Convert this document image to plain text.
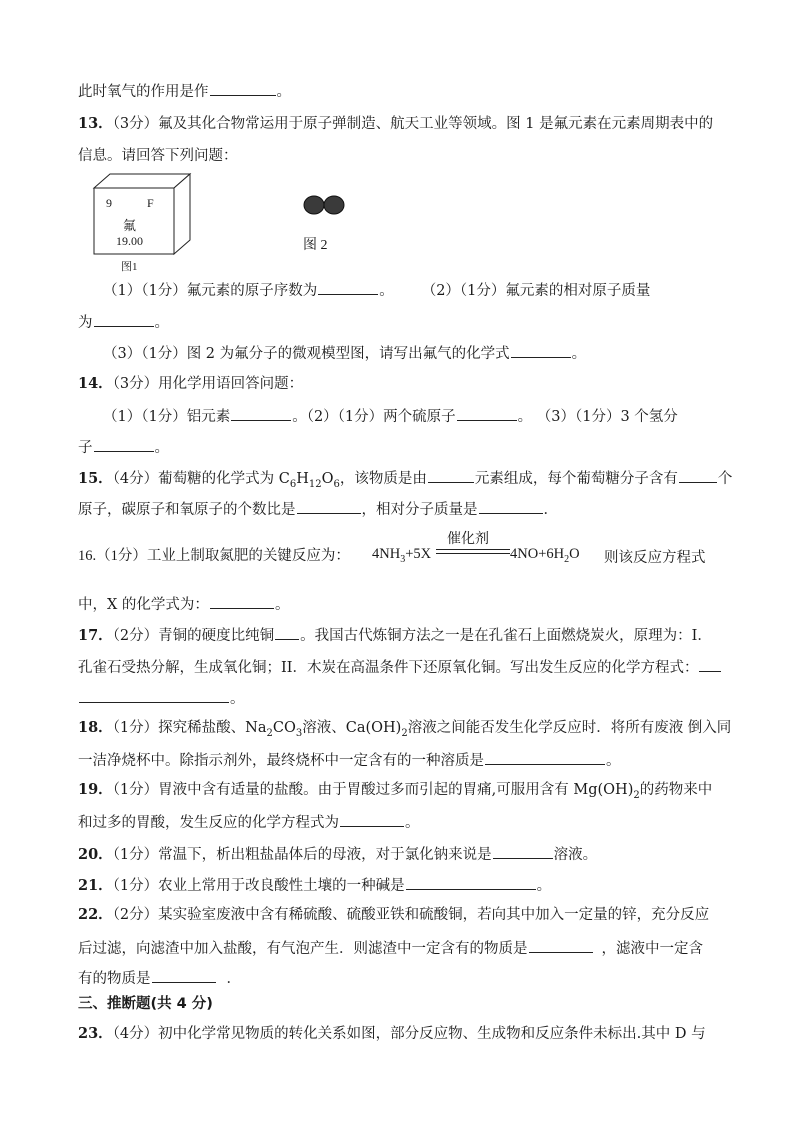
此时氧气的作用是作	。
13．（3分）氟及其化合物常运用于原子弹制造、航天工业等领域。图 1 是氟元素在元素周期表中的
信息。请回答下列问题：
9	F
氟
19.00
图1
图 2
（1）（1分）氟元素的原子序数为	。 （2）（1分）氟元素的相对原子质量
为	。
（3）（1分）图 2 为氟分子的微观模型图，请写出氟气的化学式	。
14．（3分）用化学用语回答问题：
（1）（1分）铝元素	。（2）（1分）两个硫原子	。 （3）（1分）3 个氢分
子	。
15．（4分）葡萄糖的化学式为 $C_6H_{12}O_6$，该物质是由	元素组成，每个葡萄糖分子含有	个
原子，碳原子和氧原子的个数比是	，相对分子质量是	．
16.（1分）工业上制取氮肥的关键反应为： $4NH_3+5X$
催化剂
$4NO+6H_2O$ 则该反应方程式
中，X 的化学式为：	。
17．（2分）青铜的硬度比纯铜 。我国古代炼铜方法之一是在孔雀石上面燃烧炭火，原理为：I．
孔雀石受热分解，生成氧化铜；II．木炭在高温条件下还原氧化铜。写出发生反应的化学方程式：
。
18．（1分）探究稀盐酸、$Na_2CO_3$溶液、$Ca(OH)_2$溶液之间能否发生化学反应时．将所有废液 倒入同
一洁净烧杯中。除指示剂外，最终烧杯中一定含有的一种溶质是	。
19．（1分）胃液中含有适量的盐酸。由于胃酸过多而引起的胃痛,可服用含有 $Mg(OH)_2$的药物来中
和过多的胃酸，发生反应的化学方程式为	。
20．（1分）常温下，析出粗盐晶体后的母液，对于氯化钠来说是	溶液。
21．（1分）农业上常用于改良酸性土壤的一种碱是	。
22．（2分）某实验室废液中含有稀硫酸、硫酸亚铁和硫酸铜，若向其中加入一定量的锌，充分反应
后过滤，向滤渣中加入盐酸，有气泡产生．则滤渣中一定含有的物质是	，滤液中一定含
有的物质是	．
三、推断题(共 4 分)
23．（4分）初中化学常见物质的转化关系如图，部分反应物、生成物和反应条件未标出.其中 D 与
